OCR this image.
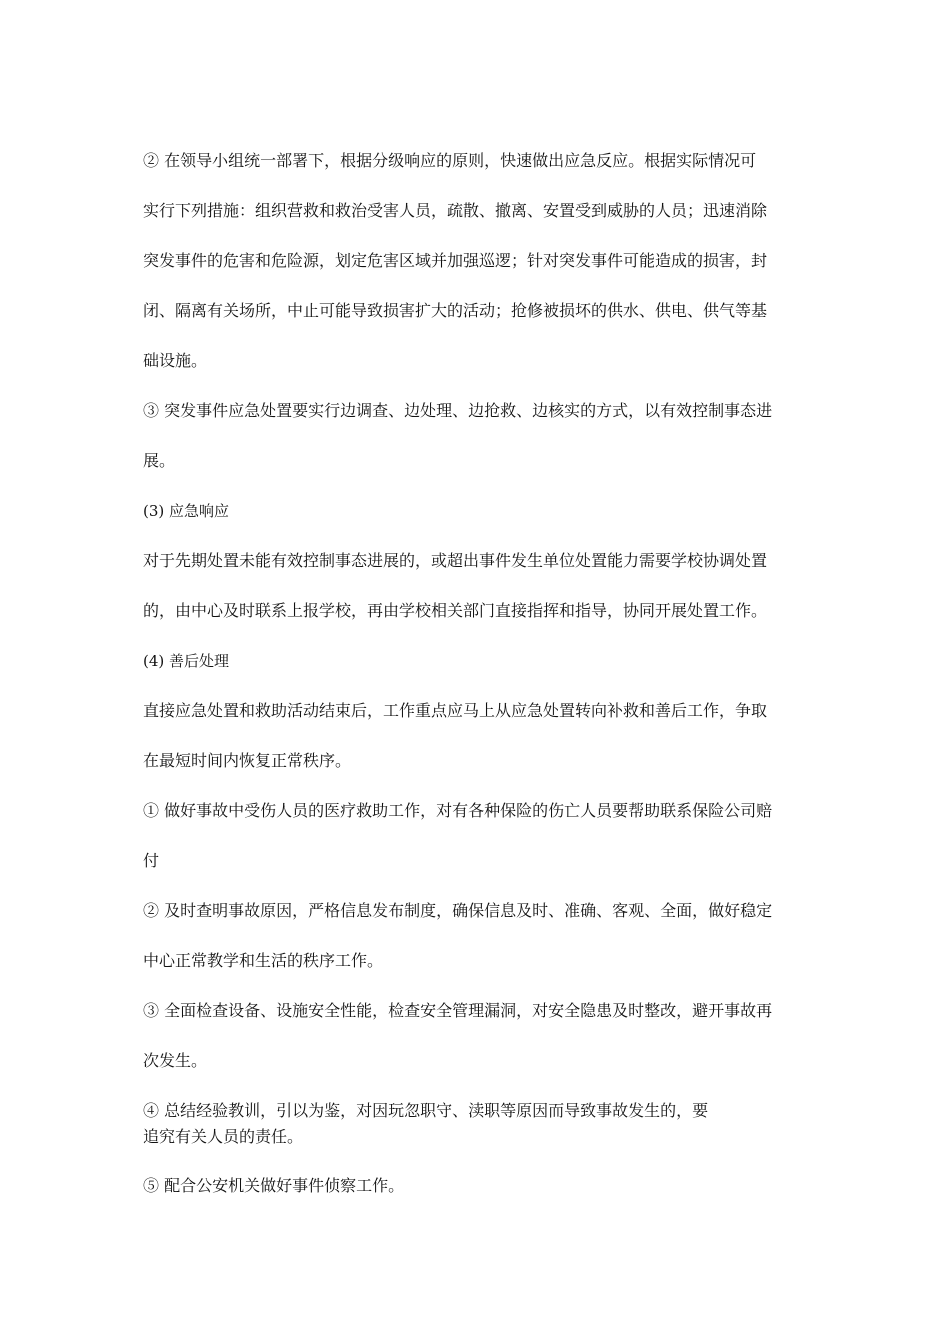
② 在领导小组统一部署下，根据分级响应的原则，快速做出应急反应。根据实际情况可
实行下列措施：组织营救和救治受害人员，疏散、撤离、安置受到威胁的人员；迅速消除
突发事件的危害和危险源，划定危害区域并加强巡逻；针对突发事件可能造成的损害，封
闭、隔离有关场所，中止可能导致损害扩大的活动；抢修被损坏的供水、供电、供气等基
础设施。
③ 突发事件应急处置要实行边调查、边处理、边抢救、边核实的方式，以有效控制事态进
展。
(3) 应急响应
对于先期处置未能有效控制事态进展的，或超出事件发生单位处置能力需要学校协调处置
的，由中心及时联系上报学校，再由学校相关部门直接指挥和指导，协同开展处置工作。
(4) 善后处理
直接应急处置和救助活动结束后，工作重点应马上从应急处置转向补救和善后工作，争取
在最短时间内恢复正常秩序。
① 做好事故中受伤人员的医疗救助工作，对有各种保险的伤亡人员要帮助联系保险公司赔
付
② 及时查明事故原因，严格信息发布制度，确保信息及时、准确、客观、全面，做好稳定
中心正常教学和生活的秩序工作。
③ 全面检查设备、设施安全性能，检查安全管理漏洞，对安全隐患及时整改，避开事故再
次发生。
④ 总结经验教训，引以为鉴，对因玩忽职守、渎职等原因而导致事故发生的，要
追究有关人员的责任。
⑤ 配合公安机关做好事件侦察工作。
